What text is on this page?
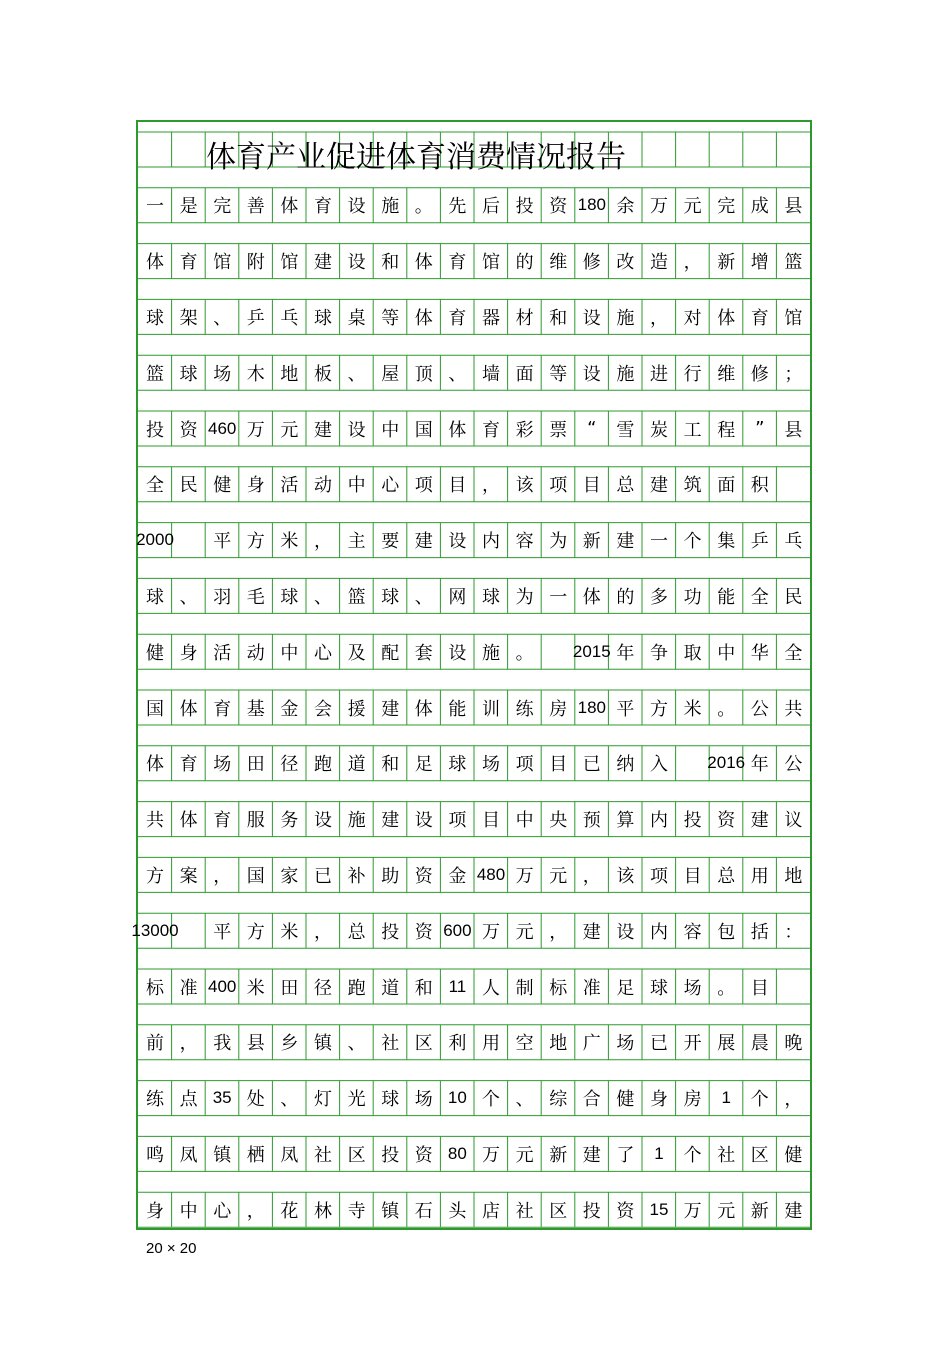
体育产业促进体育消费情况报告
一 是 完 善 体 育 设 施 。 先 后 投 资 180 余 万 元 完 成 县
体 育 馆 附 馆 建 设 和 体 育 馆 的 维 修 改 造 ， 新 增 篮
球 架 、 乒 乓 球 桌 等 体 育 器 材 和 设 施 ， 对 体 育 馆
篮 球 场 木 地 板 、 屋 顶 、 墙 面 等 设 施 进 行 维 修 ；
投 资 460 万 元 建 设 中 国 体 育 彩 票	“	雪 炭 工 程	”	县
全 民 健 身 活 动 中 心 项 目 ， 该 项 目 总 建 筑 面 积
2000	平 方 米 ， 主 要 建 设 内 容 为 新 建 一 个 集 乒 乓
球 、 羽 毛 球 、 篮 球 、 网 球 为 一 体 的 多 功 能 全 民
健 身 活 动 中 心 及 配 套 设 施 。	2015 年 争 取 中 华 全
国 体 育 基 金 会 援 建 体 能 训 练 房 180 平 方 米 。 公 共
体 育 场 田 径 跑 道 和 足 球 场 项 目 已 纳 入	2016 年 公
共 体 育 服 务 设 施 建 设 项 目 中 央 预 算 内 投 资 建 议
方 案 ， 国 家 已 补 助 资 金 480 万 元 ， 该 项 目 总 用 地
13000	平 方 米 ， 总 投 资 600 万 元 ， 建 设 内 容 包 括 ：
标 准 400 米 田 径 跑 道 和 11 人 制 标 准 足 球 场 。 目
前 ， 我 县 乡 镇 、 社 区 利 用 空 地 广 场 已 开 展 晨 晚
练 点 35 处 、 灯 光 球 场 10 个 、 综 合 健 身 房	1	个 ，
鸣 凤 镇 栖 凤 社 区 投 资 80 万 元 新 建 了	1	个 社 区 健
身 中 心 ， 花 林 寺 镇 石 头 店 社 区 投 资 15 万 元 新 建
20 × 20
